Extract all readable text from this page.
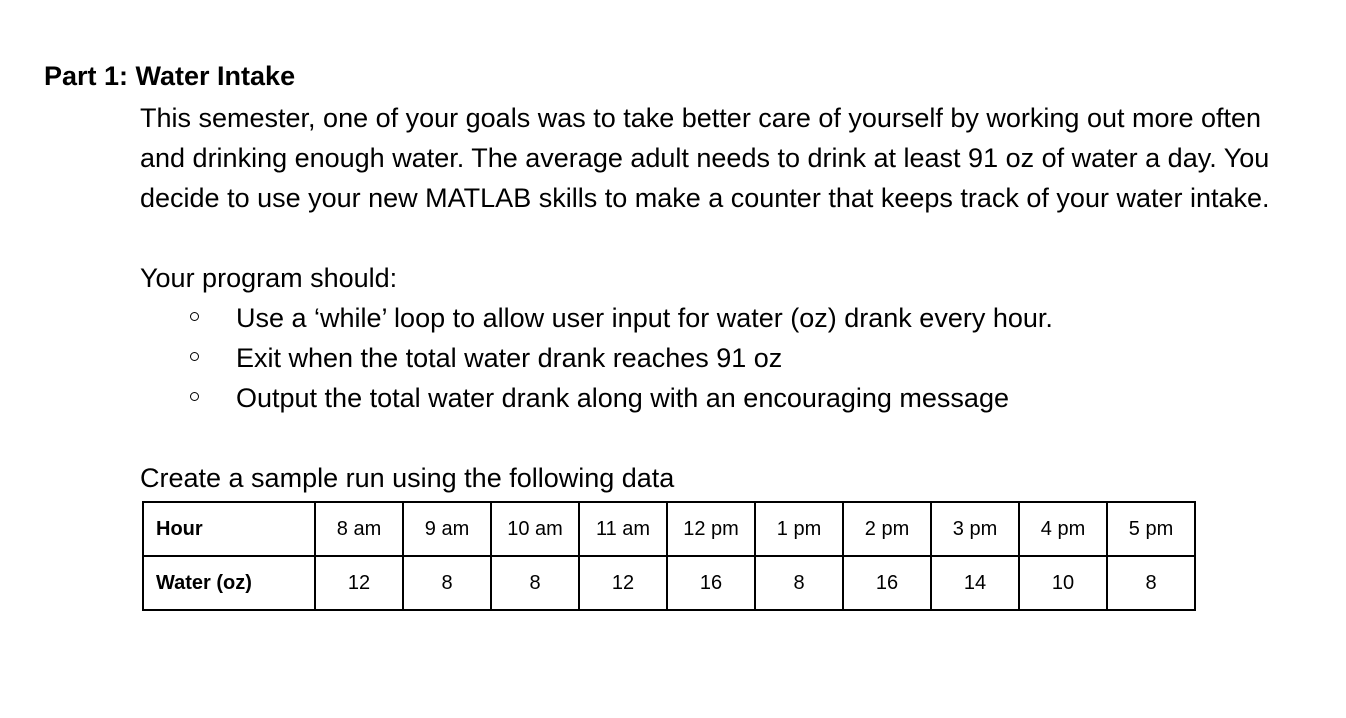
Part 1: Water Intake

This semester, one of your goals was to take better care of yourself by working out more often and drinking enough water. The average adult needs to drink at least 91 oz of water a day. You decide to use your new MATLAB skills to make a counter that keeps track of your water intake.

Your program should:
Use a ‘while’ loop to allow user input for water (oz) drank every hour.
Exit when the total water drank reaches 91 oz
Output the total water drank along with an encouraging message
Create a sample run using the following data
Hour	8 am	9 am	10 am	11 am	12 pm	1 pm	2 pm	3 pm	4 pm	5 pm
Water (oz)	12	8	8	12	16	8	16	14	10	8
